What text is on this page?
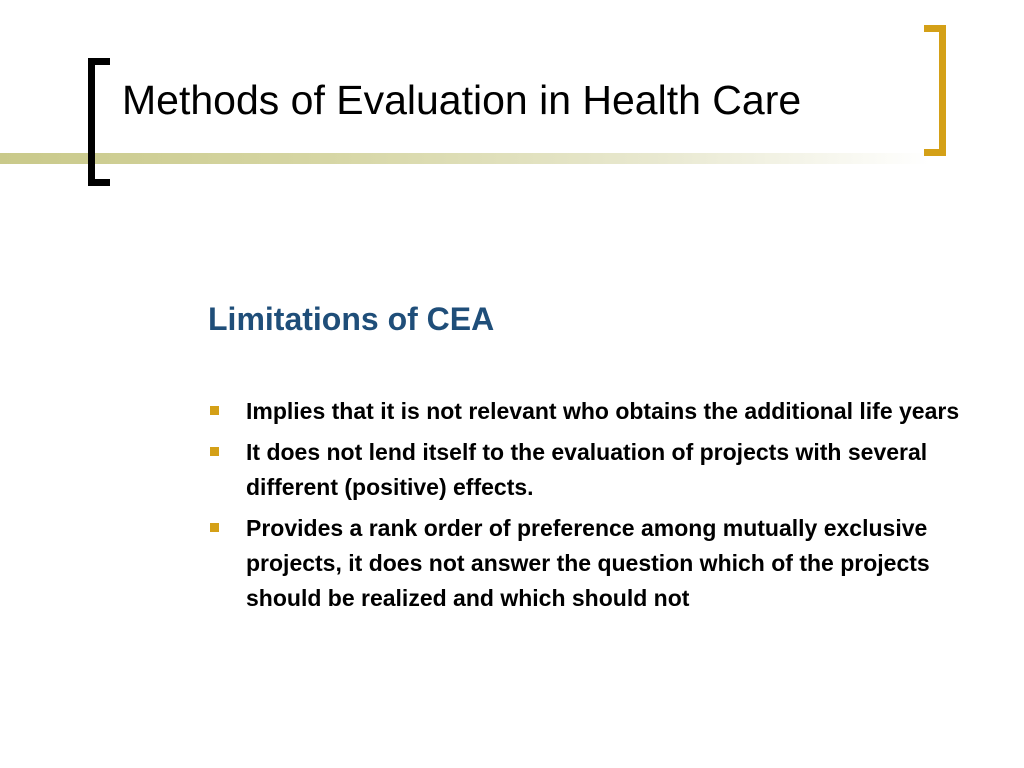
Methods of Evaluation in Health Care
Limitations of CEA
Implies that it is not relevant who obtains the additional life years
It does not lend itself to the evaluation of projects with several different (positive) effects.
Provides a rank order of preference among mutually exclusive projects, it does not answer the question which of the projects should be realized and which should not
